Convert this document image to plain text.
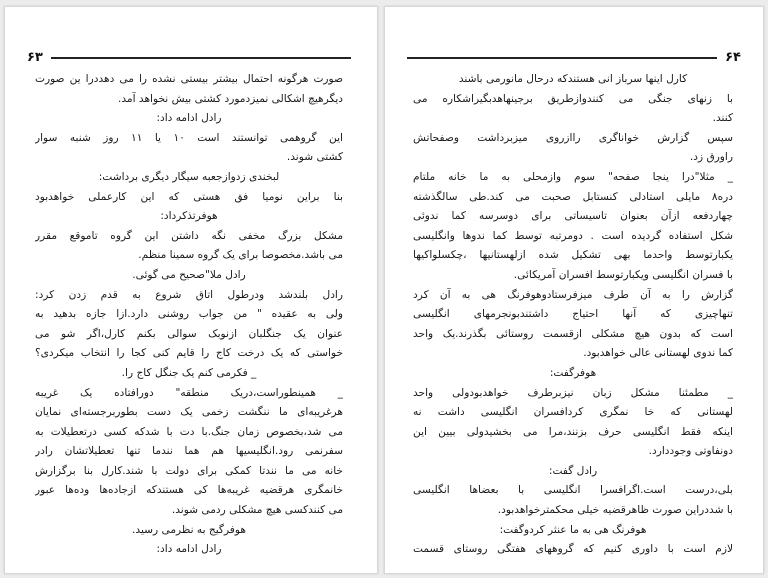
۶۴
کارل اینها سرباز انی هستندکه درحال مانورمی باشند
با زنهای جنگی می کنندوازطریق برجینهاهدبگیراشکاره می
کنند.
سپس گزارش خواناگری راازروی میزبرداشت وصفحاتش
راورق زد.
_ مثلا"درا ینجا صفحه" سوم وازمحلی به ما خانه ملتام
دره۸ مایلی استادلی کنستابل صحبت می کند.طی سالگذشته
چهاردفعه ازآن بعنوان تاسیساتی برای دوسرسه کما ندوئی
شکل استفاده گردیده است . دومرتبه توسط کما ندوها وانگلیسی
یکبارتوسط واحدما بهی تشکیل شده ازلهستانیها ،چکسلواکیها
با فسران انگلیسی ویکبارتوسط افسران آمریکائی.
گزارش را به آن طرف میزفرستادوهوفرنگ هی به آن کرد
تنهاچیزی که آنها احتیاج داشتندبونجرمهای انگلیسی
است که بدون هیچ مشکلی ازقسمت روستائی بگذرند.یک واحد
کما ندوی لهستانی عالی خواهدبود.
هوفرگفت:
_ مطمئنا مشکل زبان نیزبرطرف خواهدبودولی واحد
لهستانی که خا نمگری کردافسران انگلیسی داشت نه
اینکه فقط انگلیسی حرف بزنند،مرا می بخشیدولی بیین این
دونفاوتی وجوددارد.
رادل گفت:
بلی،درست است.اگرافسرا انگلیسی با بعضاها انگلیسی
با شددراین صورت ظاهرقضیه خیلی محکمترخواهدبود.
هوفرنگ هی به ما عنثر کردوگفت:
لازم است با داوری کنیم که گروههای هفتگی روستای قسمت
۶۳
صورت هرگونه احتمال بیشتر بیستی نشده را می دهددرا ین صورت
دیگرهیچ اشکالی نمیزدمورد کشتی بیش نخواهد آمد.
رادل ادامه داد:
این گروهمی توانستند است ۱۰ یا ۱۱ روز شنبه سوار
کشتی شوند.
لبخندی زدوازجعبه سیگار دیگری برداشت:
بنا براین نومیا فق هستی که این کارعملی خواهدبود
هوفرتذکرداد:
مشکل بزرگ مخفی نگه داشتن این گروه تاموقع مقرر
می باشد.مخصوصا برای یک گروه سمینا منظم.
رادل ملا"صحیح می گوئی.
رادل بلندشد ودرطول اتاق شروع به قدم زدن کرد:
ولی به عقیده " من جواب روشنی دارد.ازا جازه بدهید به
عنوان یک جنگلبان ازنوبک سوالی بکنم کارل،اگر شو می
خواستی که یک درخت کاج را قایم کنی کجا را انتخاب میکردی؟
_ فکرمی کنم یک جنگل کاج را.
_ همینطوراست،دریک منطقه" دورافتاده یک غریبه
هرغریبه‌ای ما ننگشت زخمی یک دست بطوربرجسته‌ای نمایان
می شد،بخصوص زمان جنگ.با دت با شدکه کسی درتعطیلات به
سفرنمی رود.انگلیسیها هم هما نندما تنها تعطیلاتشان رادر
خانه می ما نندتا کمکی برای دولت با شند.کارل بنا برگزارش
خانمگری هرقضیه غریبه‌ها کی هستندکه ازجاده‌ها وده‌ها عبور
می کنندکسی هیچ مشکلی ردمی شوند.
هوفرگیج به نظرمی رسید.
رادل ادامه داد:
